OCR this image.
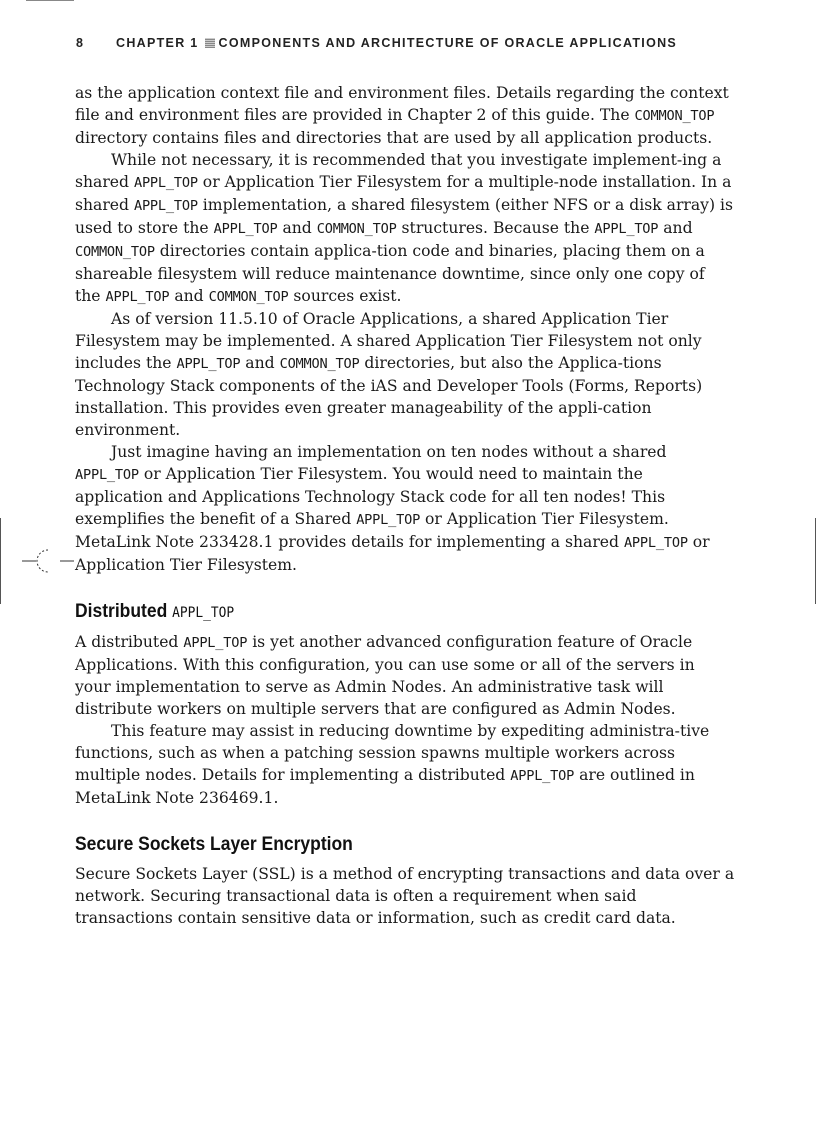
8	CHAPTER 1 COMPONENTS AND ARCHITECTURE OF ORACLE APPLICATIONS

as the application context file and environment files. Details regarding the context file and environment files are provided in Chapter 2 of this guide. The COMMON_TOP directory contains files and directories that are used by all application products.

While not necessary, it is recommended that you investigate implement-ing a shared APPL_TOP or Application Tier Filesystem for a multiple-node installation. In a shared APPL_TOP implementation, a shared filesystem (either NFS or a disk array) is used to store the APPL_TOP and COMMON_TOP structures. Because the APPL_TOP and COMMON_TOP directories contain applica-tion code and binaries, placing them on a shareable filesystem will reduce maintenance downtime, since only one copy of the APPL_TOP and COMMON_TOP sources exist.

As of version 11.5.10 of Oracle Applications, a shared Application Tier Filesystem may be implemented. A shared Application Tier Filesystem not only includes the APPL_TOP and COMMON_TOP directories, but also the Applica-tions Technology Stack components of the iAS and Developer Tools (Forms, Reports) installation. This provides even greater manageability of the appli-cation environment.

Just imagine having an implementation on ten nodes without a shared APPL_TOP or Application Tier Filesystem. You would need to maintain the application and Applications Technology Stack code for all ten nodes! This exemplifies the benefit of a Shared APPL_TOP or Application Tier Filesystem. MetaLink Note 233428.1 provides details for implementing a shared APPL_TOP or Application Tier Filesystem.

Distributed APPL_TOP

A distributed APPL_TOP is yet another advanced configuration feature of Oracle Applications. With this configuration, you can use some or all of the servers in your implementation to serve as Admin Nodes. An administrative task will distribute workers on multiple servers that are configured as Admin Nodes.

This feature may assist in reducing downtime by expediting administra-tive functions, such as when a patching session spawns multiple workers across multiple nodes. Details for implementing a distributed APPL_TOP are outlined in MetaLink Note 236469.1.

Secure Sockets Layer Encryption

Secure Sockets Layer (SSL) is a method of encrypting transactions and data over a network. Securing transactional data is often a requirement when said transactions contain sensitive data or information, such as credit card data.
